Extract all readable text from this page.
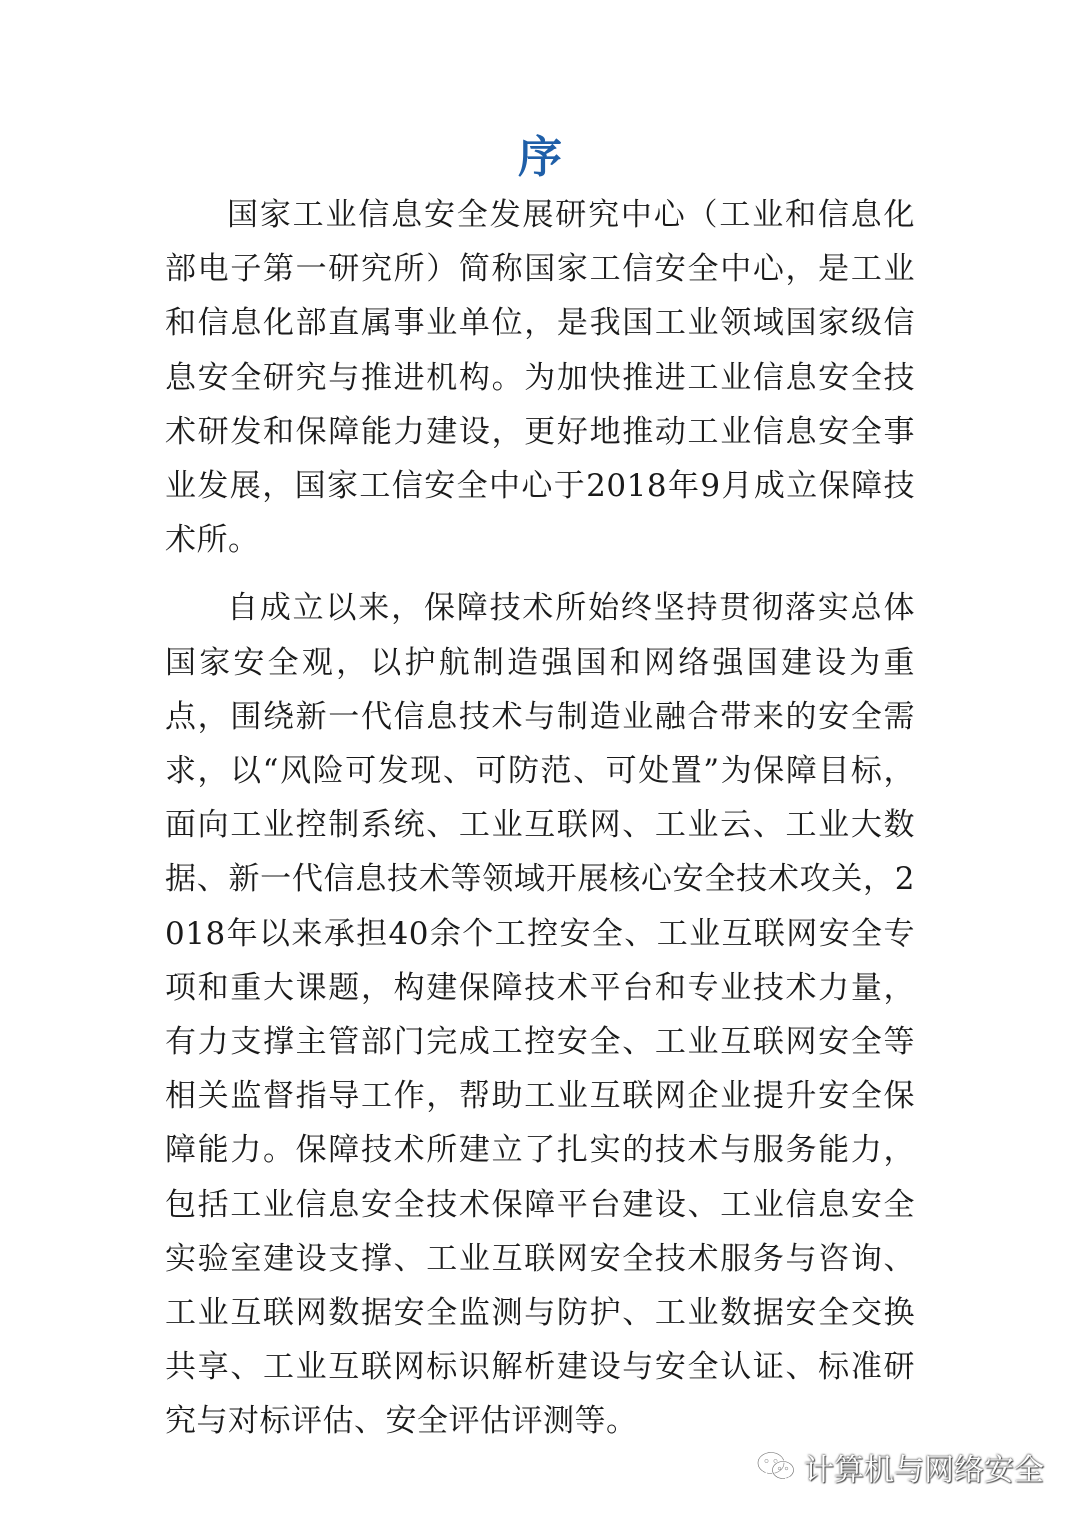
序

国家工业信息安全发展研究中心（工业和信息化部电子第一研究所）简称国家工信安全中心，是工业和信息化部直属事业单位，是我国工业领域国家级信息安全研究与推进机构。为加快推进工业信息安全技术研发和保障能力建设，更好地推动工业信息安全事业发展，国家工信安全中心于2018年9月成立保障技术所。

自成立以来，保障技术所始终坚持贯彻落实总体国家安全观，以护航制造强国和网络强国建设为重点，围绕新一代信息技术与制造业融合带来的安全需求，以“风险可发现、可防范、可处置”为保障目标，面向工业控制系统、工业互联网、工业云、工业大数据、新一代信息技术等领域开展核心安全技术攻关，2018年以来承担40余个工控安全、工业互联网安全专项和重大课题，构建保障技术平台和专业技术力量，有力支撑主管部门完成工控安全、工业互联网安全等相关监督指导工作，帮助工业互联网企业提升安全保障能力。保障技术所建立了扎实的技术与服务能力，包括工业信息安全技术保障平台建设、工业信息安全实验室建设支撑、工业互联网安全技术服务与咨询、工业互联网数据安全监测与防护、工业数据安全交换共享、工业互联网标识解析建设与安全认证、标准研究与对标评估、安全评估评测等。

计算机与网络安全
